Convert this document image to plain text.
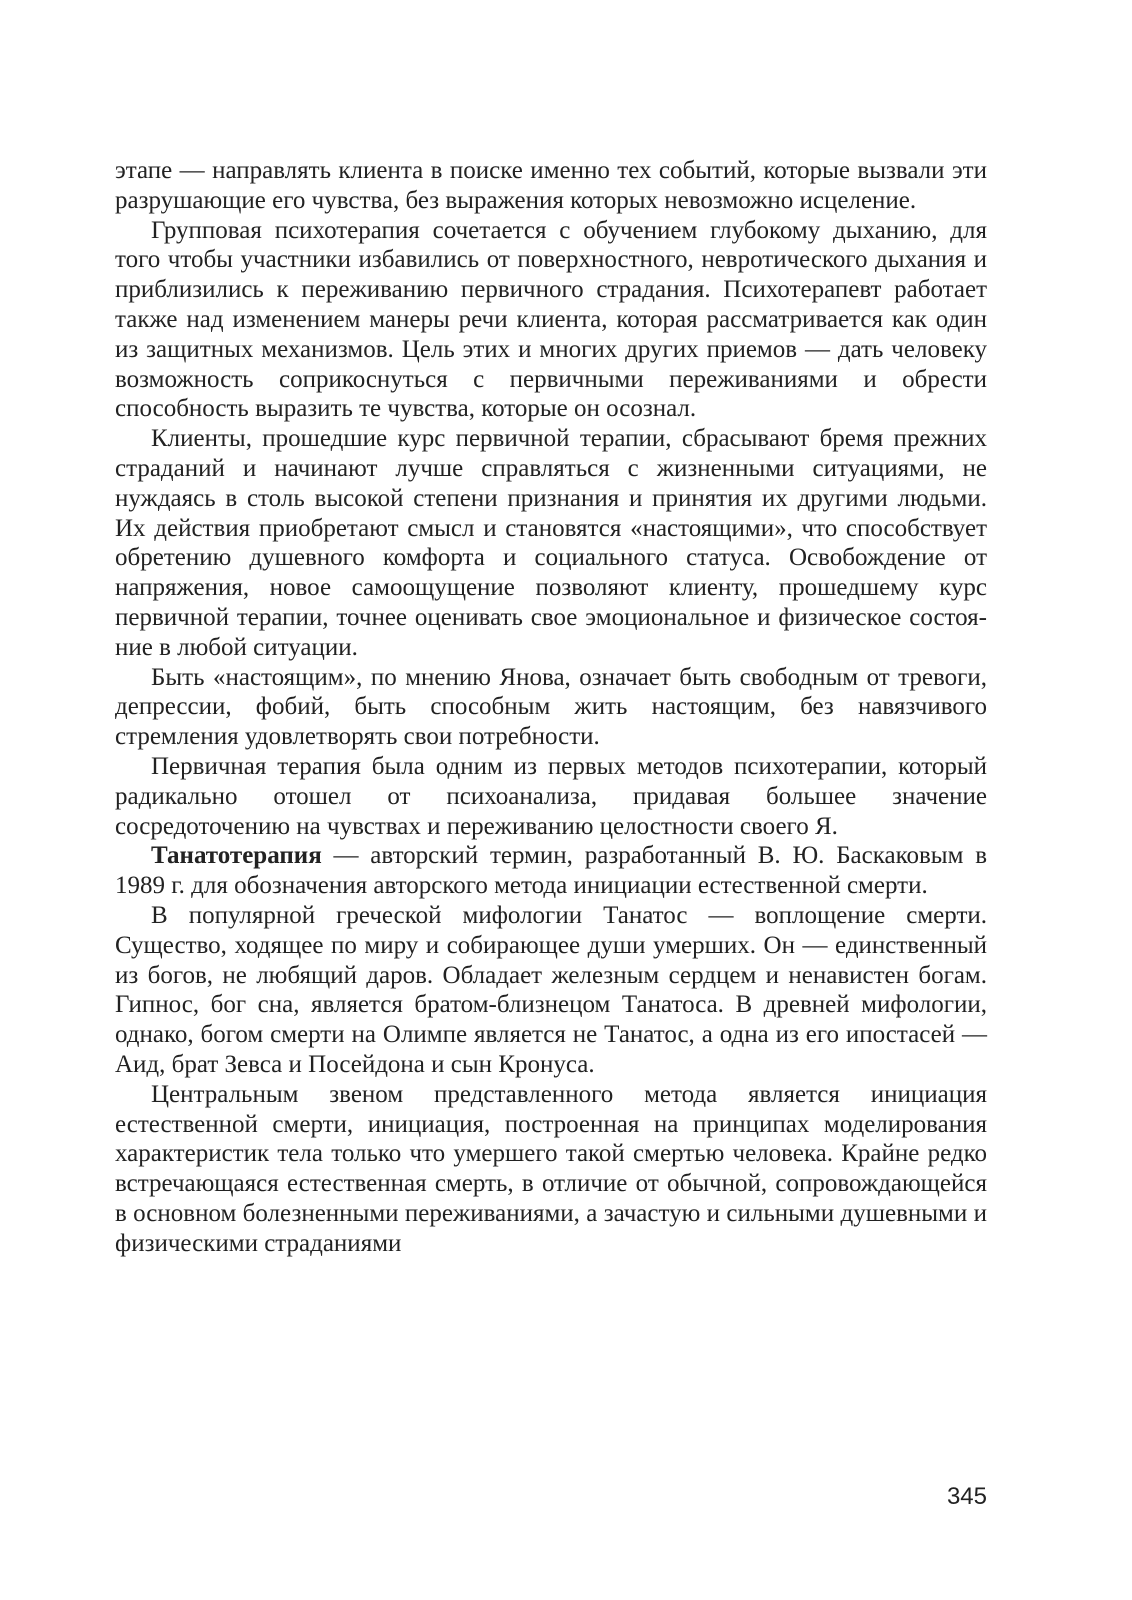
этапе — направлять клиента в поиске именно тех событий, которые вызвали эти разрушающие его чувства, без выражения которых невозможно исцеление.

Групповая психотерапия сочетается с обучением глубокому дыханию, для того чтобы участники избавились от поверхностного, невротического дыхания и приблизились к переживанию первичного страдания. Психотерапевт работает также над изменением манеры речи клиента, которая рассматривается как один из защитных механизмов. Цель этих и многих других приемов — дать человеку возможность соприкоснуться с первичными переживаниями и обрести способность выразить те чувства, которые он осознал.

Клиенты, прошедшие курс первичной терапии, сбрасывают бремя прежних страданий и начинают лучше справляться с жизненными ситуациями, не нуждаясь в столь высокой степени признания и принятия их другими людьми. Их действия приобретают смысл и становятся «настоящими», что способствует обретению душевного комфорта и социального статуса. Освобождение от напряжения, новое самоощущение позволяют клиенту, прошедшему курс первичной терапии, точнее оценивать свое эмоциональное и физическое состояние в любой ситуации.

Быть «настоящим», по мнению Янова, означает быть свободным от тревоги, депрессии, фобий, быть способным жить настоящим, без навязчивого стремления удовлетворять свои потребности.

Первичная терапия была одним из первых методов психотерапии, который радикально отошел от психоанализа, придавая большее значение сосредоточению на чувствах и переживанию целостности своего Я.

Танатотерапия — авторский термин, разработанный В. Ю. Баскаковым в 1989 г. для обозначения авторского метода инициации естественной смерти.

В популярной греческой мифологии Танатос — воплощение смерти. Существо, ходящее по миру и собирающее души умерших. Он — единственный из богов, не любящий даров. Обладает железным сердцем и ненавистен богам. Гипнос, бог сна, является братом-близнецом Танатоса. В древней мифологии, однако, богом смерти на Олимпе является не Танатос, а одна из его ипостасей — Аид, брат Зевса и Посейдона и сын Кронуса.

Центральным звеном представленного метода является инициация естественной смерти, инициация, построенная на принципах моделирования характеристик тела только что умершего такой смертью человека. Крайне редко встречающаяся естественная смерть, в отличие от обычной, сопровождающейся в основном болезненными переживаниями, а зачастую и сильными душевными и физическими страданиями

345
